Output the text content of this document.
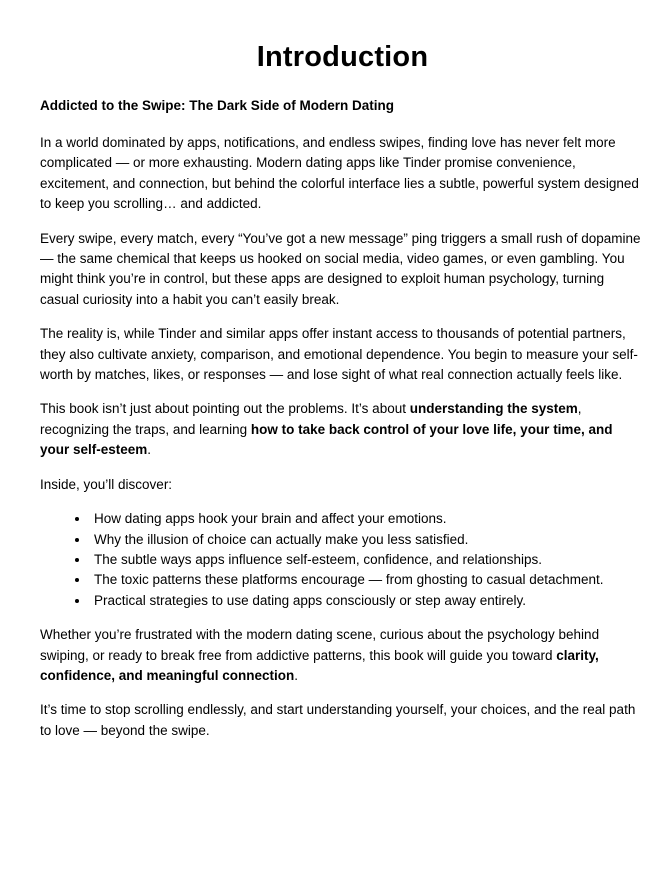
Introduction
Addicted to the Swipe: The Dark Side of Modern Dating

In a world dominated by apps, notifications, and endless swipes, finding love has never felt more complicated — or more exhausting. Modern dating apps like Tinder promise convenience, excitement, and connection, but behind the colorful interface lies a subtle, powerful system designed to keep you scrolling… and addicted.

Every swipe, every match, every “You’ve got a new message” ping triggers a small rush of dopamine — the same chemical that keeps us hooked on social media, video games, or even gambling. You might think you’re in control, but these apps are designed to exploit human psychology, turning casual curiosity into a habit you can’t easily break.

The reality is, while Tinder and similar apps offer instant access to thousands of potential partners, they also cultivate anxiety, comparison, and emotional dependence. You begin to measure your self-worth by matches, likes, or responses — and lose sight of what real connection actually feels like.

This book isn’t just about pointing out the problems. It’s about understanding the system, recognizing the traps, and learning how to take back control of your love life, your time, and your self-esteem.

Inside, you’ll discover:

• How dating apps hook your brain and affect your emotions.
• Why the illusion of choice can actually make you less satisfied.
• The subtle ways apps influence self-esteem, confidence, and relationships.
• The toxic patterns these platforms encourage — from ghosting to casual detachment.
• Practical strategies to use dating apps consciously or step away entirely.

Whether you’re frustrated with the modern dating scene, curious about the psychology behind swiping, or ready to break free from addictive patterns, this book will guide you toward clarity, confidence, and meaningful connection.

It’s time to stop scrolling endlessly, and start understanding yourself, your choices, and the real path to love — beyond the swipe.
